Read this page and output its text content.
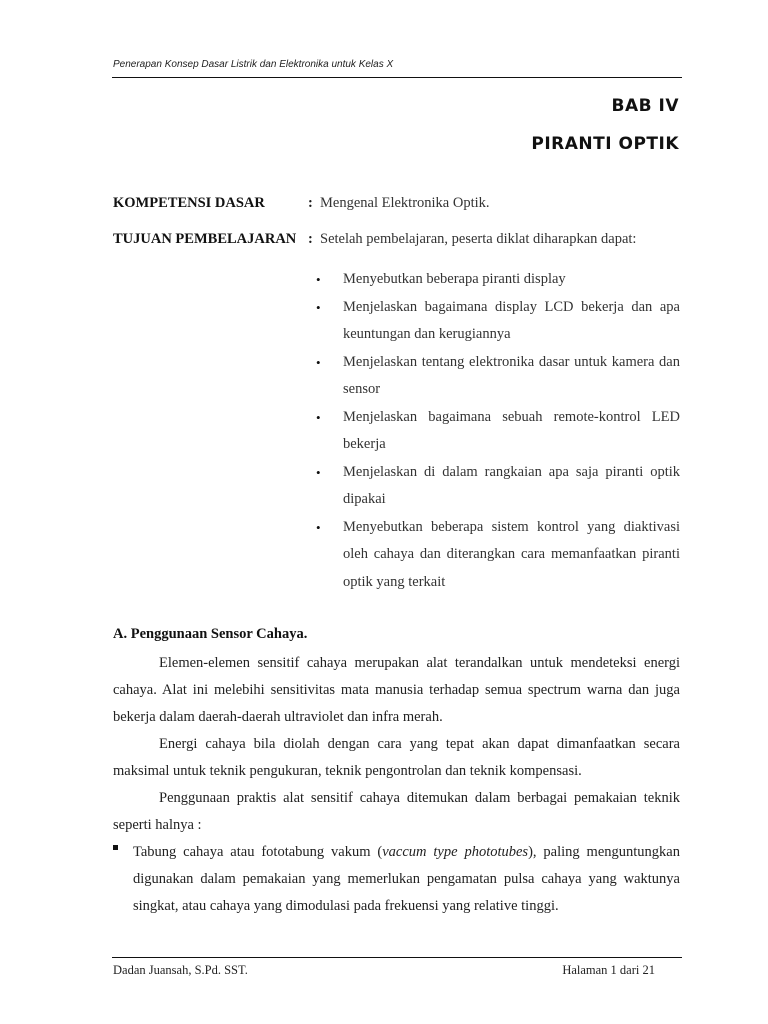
Penerapan Konsep Dasar Listrik dan Elektronika untuk Kelas X
BAB IV
PIRANTI OPTIK
KOMPETENSI DASAR	: Mengenal Elektronika Optik.
TUJUAN PEMBELAJARAN : Setelah pembelajaran, peserta diklat diharapkan dapat:
• Menyebutkan beberapa piranti display
• Menjelaskan bagaimana display LCD bekerja dan apa keuntungan dan kerugiannya
• Menjelaskan tentang elektronika dasar untuk kamera dan sensor
• Menjelaskan bagaimana sebuah remote-kontrol LED bekerja
• Menjelaskan di dalam rangkaian apa saja piranti optik dipakai
• Menyebutkan beberapa sistem kontrol yang diaktivasi oleh cahaya dan diterangkan cara memanfaatkan piranti optik yang terkait
A. Penggunaan Sensor Cahaya.

Elemen-elemen sensitif cahaya merupakan alat terandalkan untuk mendeteksi energi cahaya. Alat ini melebihi sensitivitas mata manusia terhadap semua spectrum warna dan juga bekerja dalam daerah-daerah ultraviolet dan infra merah.

Energi cahaya bila diolah dengan cara yang tepat akan dapat dimanfaatkan secara maksimal untuk teknik pengukuran, teknik pengontrolan dan teknik kompensasi.

Penggunaan praktis alat sensitif cahaya ditemukan dalam berbagai pemakaian teknik seperti halnya :

Tabung cahaya atau fototabung vakum (vaccum type phototubes), paling menguntungkan digunakan dalam pemakaian yang memerlukan pengamatan pulsa cahaya yang waktunya singkat, atau cahaya yang dimodulasi pada frekuensi yang relative tinggi.
Dadan Juansah, S.Pd. SST.	Halaman 1 dari 21
